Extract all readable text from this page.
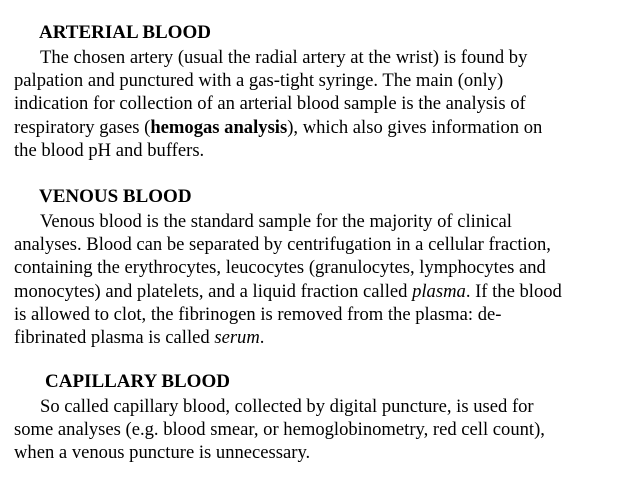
ARTERIAL BLOOD

The chosen artery (usual the radial artery at the wrist) is found by
palpation and punctured with a gas-tight syringe. The main (only)
indication for collection of an arterial blood sample is the analysis of
respiratory gases (hemogas analysis), which also gives information on
the blood pH and buffers.

VENOUS BLOOD

Venous blood is the standard sample for the majority of clinical
analyses. Blood can be separated by centrifugation in a cellular fraction,
containing the erythrocytes, leucocytes (granulocytes, lymphocytes and
monocytes) and platelets, and a liquid fraction called plasma. If the blood
is allowed to clot, the fibrinogen is removed from the plasma: de-
fibrinated plasma is called serum.

CAPILLARY BLOOD

So called capillary blood, collected by digital puncture, is used for
some analyses (e.g. blood smear, or hemoglobinometry, red cell count),
when a venous puncture is unnecessary.
